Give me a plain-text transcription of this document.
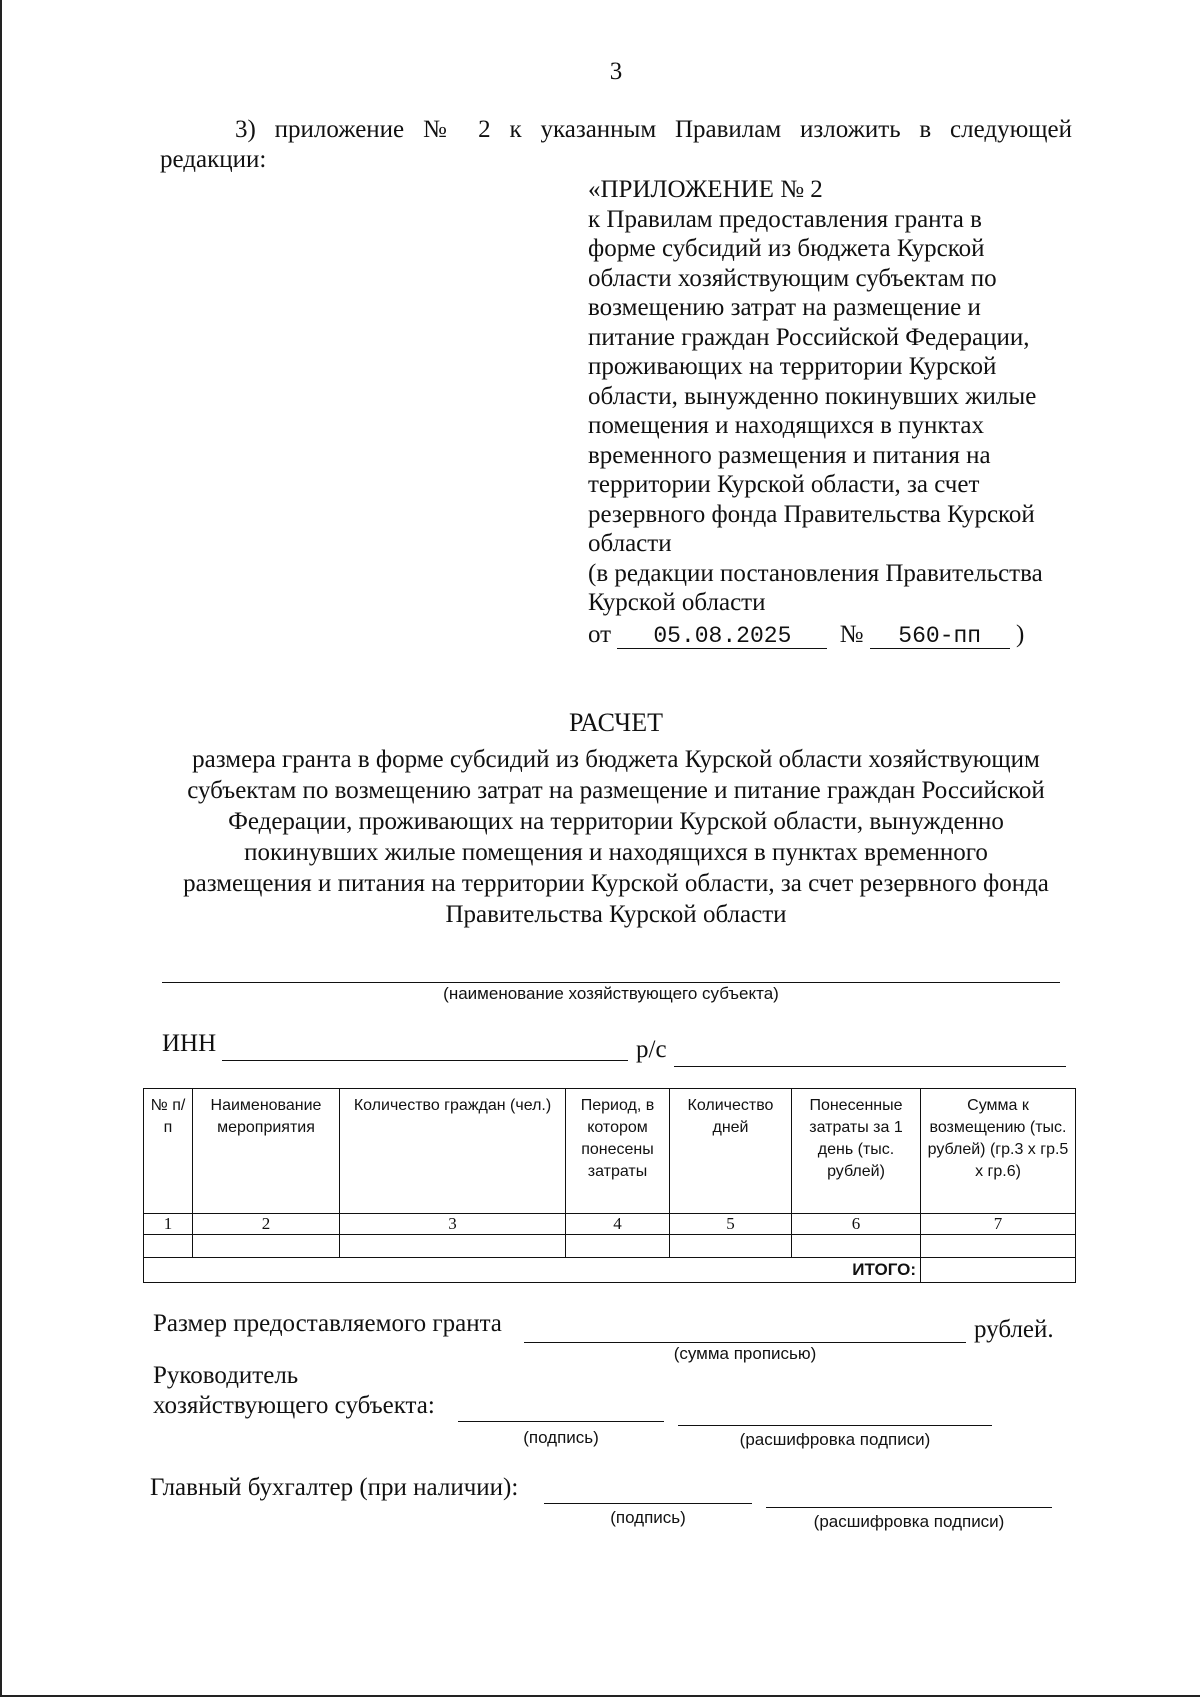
3
3) приложение № 2 к указанным Правилам изложить в следующей
редакции:
«ПРИЛОЖЕНИЕ № 2
к Правилам предоставления гранта в
форме субсидий из бюджета Курской
области хозяйствующим субъектам по
возмещению затрат на размещение и
питание граждан Российской Федерации,
проживающих на территории Курской
области, вынужденно покинувших жилые
помещения и находящихся в пунктах
временного размещения и питания на
территории Курской области, за счет
резервного фонда Правительства Курской
области
(в редакции постановления Правительства
Курской области
от 05.08.2025 № 560-пп )
РАСЧЕТ
размера гранта в форме субсидий из бюджета Курской области хозяйствующим
субъектам по возмещению затрат на размещение и питание граждан Российской
Федерации, проживающих на территории Курской области, вынужденно
покинувших жилые помещения и находящихся в пунктах временного
размещения и питания на территории Курской области, за счет резервного фонда
Правительства Курской области
(наименование хозяйствующего субъекта)
ИНН	р/с
№ п/п	Наименование мероприятия	Количество граждан (чел.)	Период, в котором понесены затраты	Количество дней	Понесенные затраты за 1 день (тыс. рублей)	Сумма к возмещению (тыс. рублей) (гр.3 х гр.5 х гр.6)
1	2	3	4	5	6	7

ИТОГО:						
Размер предоставляемого гранта	рублей.
(сумма прописью)
Руководитель
хозяйствующего субъекта:
(подпись)	(расшифровка подписи)
Главный бухгалтер (при наличии):
(подпись)	(расшифровка подписи)
